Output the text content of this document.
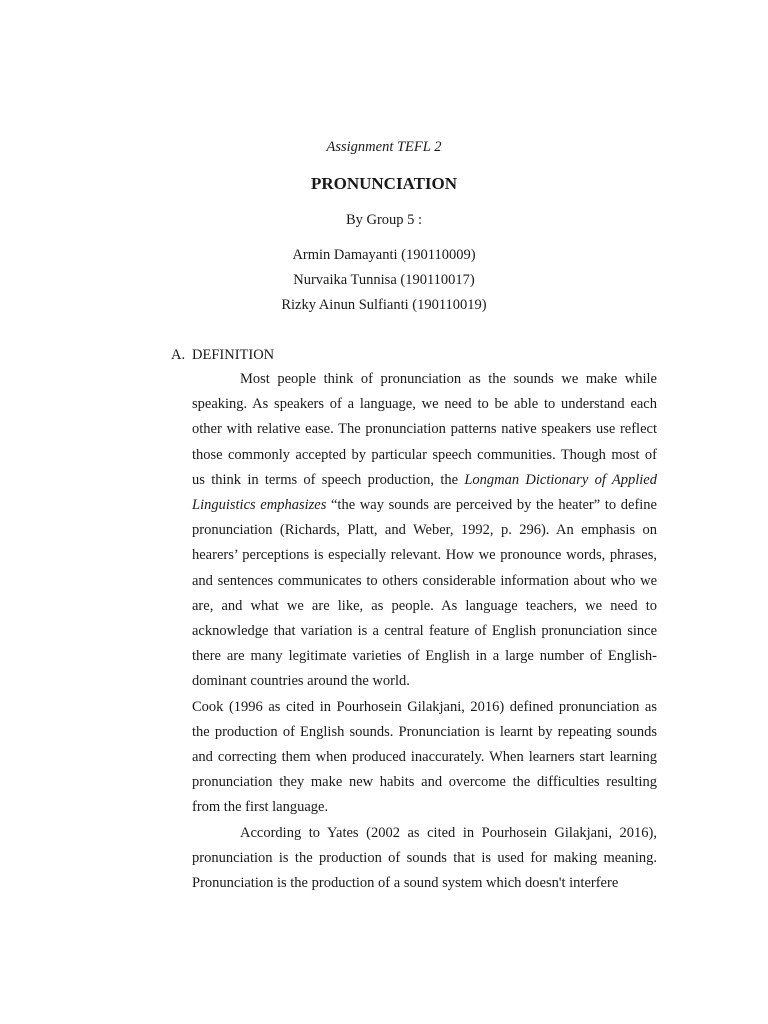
Assignment TEFL 2

PRONUNCIATION

By Group 5 :

Armin Damayanti (190110009)

Nurvaika Tunnisa (190110017)

Rizky Ainun Sulfianti (190110019)

A. DEFINITION

Most people think of pronunciation as the sounds we make while speaking. As speakers of a language, we need to be able to understand each other with relative ease. The pronunciation patterns native speakers use reflect those commonly accepted by particular speech communities. Though most of us think in terms of speech production, the Longman Dictionary of Applied Linguistics emphasizes “the way sounds are perceived by the heater” to define pronunciation (Richards, Platt, and Weber, 1992, p. 296). An emphasis on hearers’ perceptions is especially relevant. How we pronounce words, phrases, and sentences communicates to others considerable information about who we are, and what we are like, as people. As language teachers, we need to acknowledge that variation is a central feature of English pronunciation since there are many legitimate varieties of English in a large number of English-dominant countries around the world.

Cook (1996 as cited in Pourhosein Gilakjani, 2016) defined pronunciation as the production of English sounds. Pronunciation is learnt by repeating sounds and correcting them when produced inaccurately. When learners start learning pronunciation they make new habits and overcome the difficulties resulting from the first language.

According to Yates (2002 as cited in Pourhosein Gilakjani, 2016), pronunciation is the production of sounds that is used for making meaning. Pronunciation is the production of a sound system which doesn't interfere
